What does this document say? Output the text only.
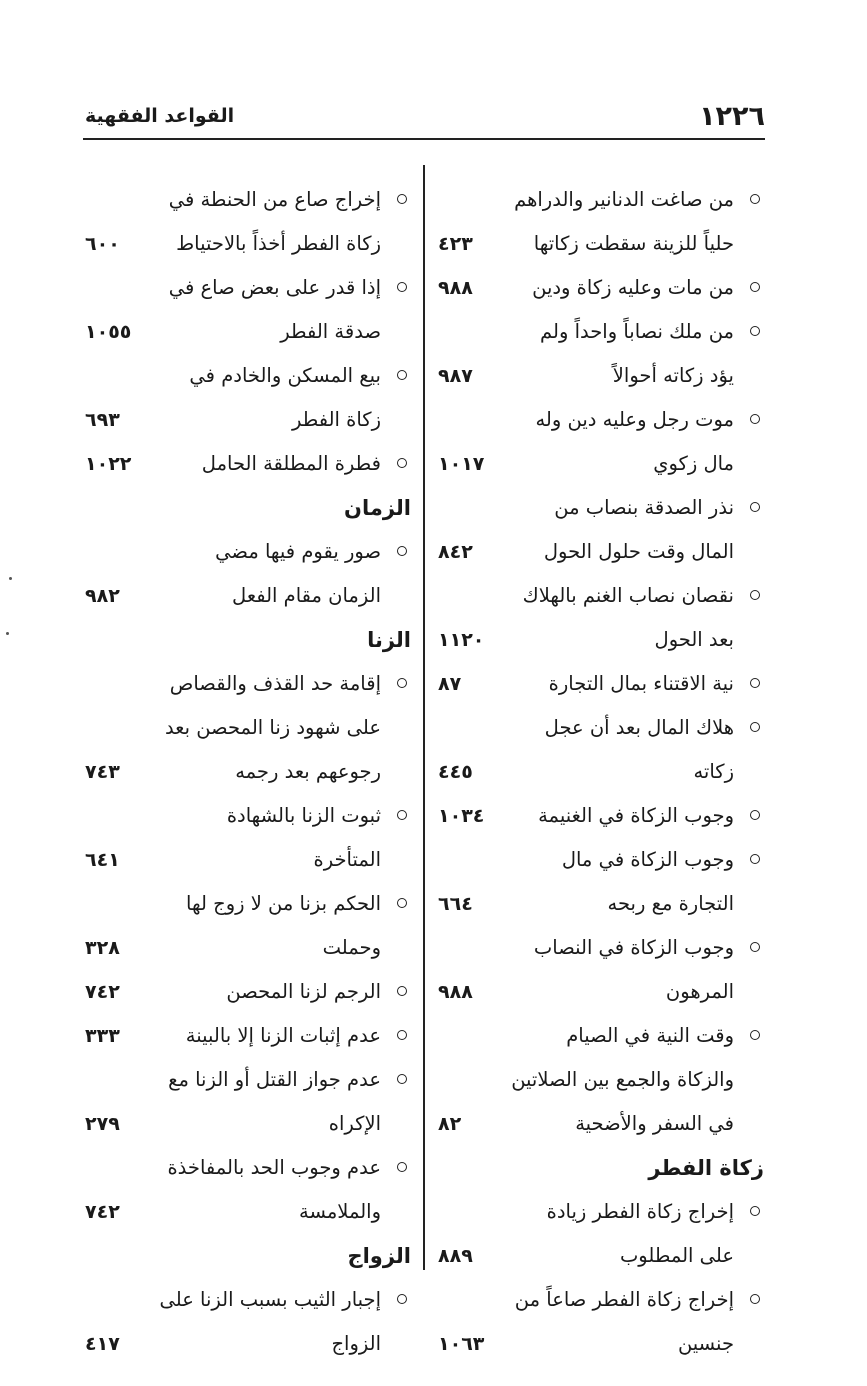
١٢٢٦
القواعد الفقهية
من صاغت الدنانير والدراهم حلياً للزينة سقطت زكاتها
٤٢٣
من مات وعليه زكاة ودين
٩٨٨
من ملك نصاباً واحداً ولم يؤد زكاته أحوالاً
٩٨٧
موت رجل وعليه دين وله مال زكوي
١٠١٧
نذر الصدقة بنصاب من المال وقت حلول الحول
٨٤٢
نقصان نصاب الغنم بالهلاك بعد الحول
١١٢٠
نية الاقتناء بمال التجارة
٨٧
هلاك المال بعد أن عجل زكاته
٤٤٥
وجوب الزكاة في الغنيمة
١٠٣٤
وجوب الزكاة في مال التجارة مع ربحه
٦٦٤
وجوب الزكاة في النصاب المرهون
٩٨٨
وقت النية في الصيام والزكاة والجمع بين الصلاتين في السفر والأضحية
٨٢
زكاة الفطر
إخراج زكاة الفطر زيادة على المطلوب
٨٨٩
إخراج زكاة الفطر صاعاً من جنسين
١٠٦٣
إخراج صاع من الحنطة في زكاة الفطر أخذاً بالاحتياط
٦٠٠
إذا قدر على بعض صاع في صدقة الفطر
١٠٥٥
بيع المسكن والخادم في زكاة الفطر
٦٩٣
فطرة المطلقة الحامل
١٠٢٢
الزمان
صور يقوم فيها مضي الزمان مقام الفعل
٩٨٢
الزنا
إقامة حد القذف والقصاص على شهود زنا المحصن بعد رجوعهم بعد رجمه
٧٤٣
ثبوت الزنا بالشهادة المتأخرة
٦٤١
الحكم بزنا من لا زوج لها وحملت
٣٢٨
الرجم لزنا المحصن
٧٤٢
عدم إثبات الزنا إلا بالبينة
٣٣٣
عدم جواز القتل أو الزنا مع الإكراه
٢٧٩
عدم وجوب الحد بالمفاخذة والملامسة
٧٤٢
الزواج
إجبار الثيب بسبب الزنا على الزواج
٤١٧
